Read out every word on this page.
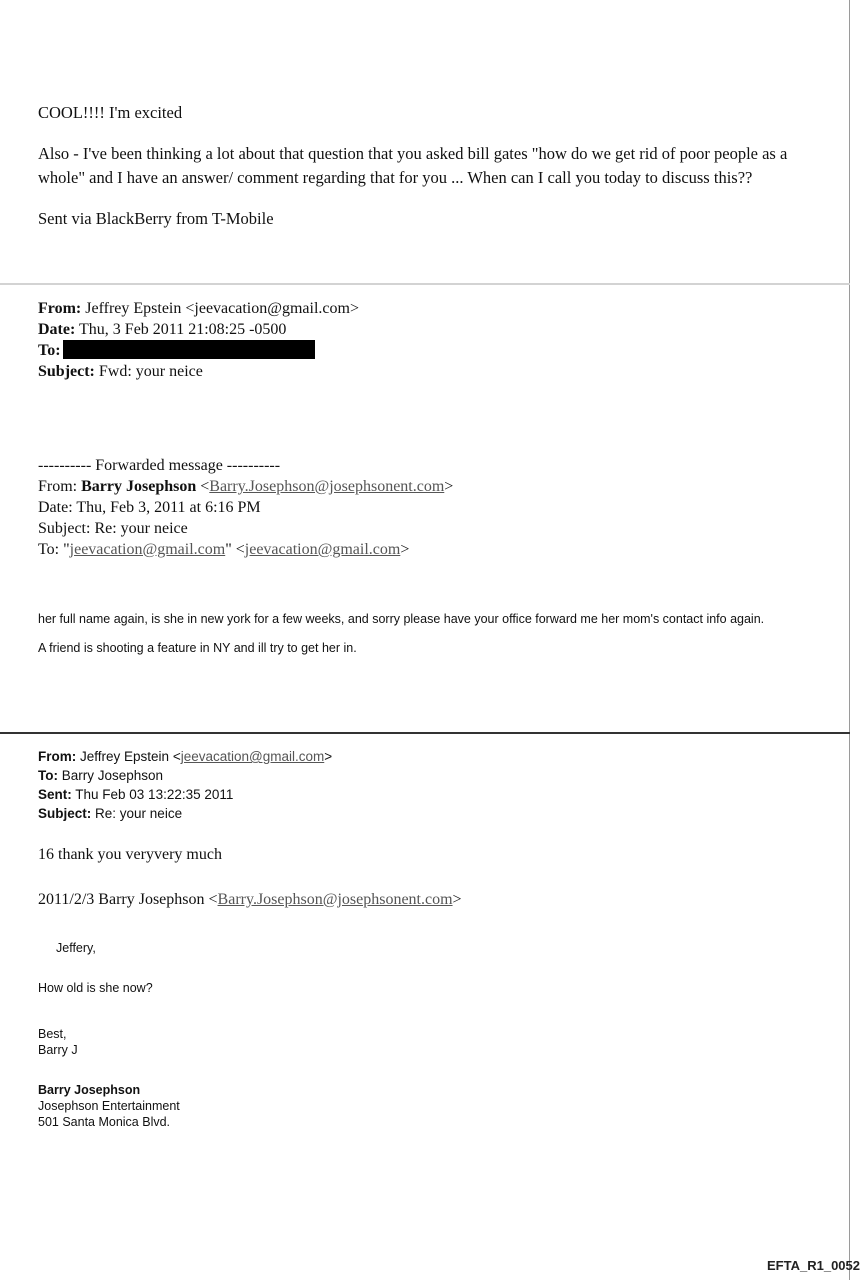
COOL!!!! I'm excited

Also - I've been thinking a lot about that question that you asked bill gates "how do we get rid of poor people as a whole" and I have an answer/ comment regarding that for you ... When can I call you today to discuss this??

Sent via BlackBerry from T-Mobile

From: Jeffrey Epstein <jeevacation@gmail.com>
Date: Thu, 3 Feb 2011 21:08:25 -0500
To:
Subject: Fwd: your neice
---------- Forwarded message ----------
From: Barry Josephson <Barry.Josephson@josephsonent.com>
Date: Thu, Feb 3, 2011 at 6:16 PM
Subject: Re: your neice
To: "jeevacation@gmail.com" <jeevacation@gmail.com>
her full name again, is she in new york for a few weeks, and sorry please have your office forward me her mom's contact info again.
A friend is shooting a feature in NY and ill try to get her in.
From: Jeffrey Epstein <jeevacation@gmail.com>
To: Barry Josephson
Sent: Thu Feb 03 13:22:35 2011
Subject: Re: your neice
16 thank you veryvery much
2011/2/3 Barry Josephson <Barry.Josephson@josephsonent.com>
Jeffery,
How old is she now?
Best,
Barry J
Barry Josephson
Josephson Entertainment
501 Santa Monica Blvd.
EFTA_R1_0052
